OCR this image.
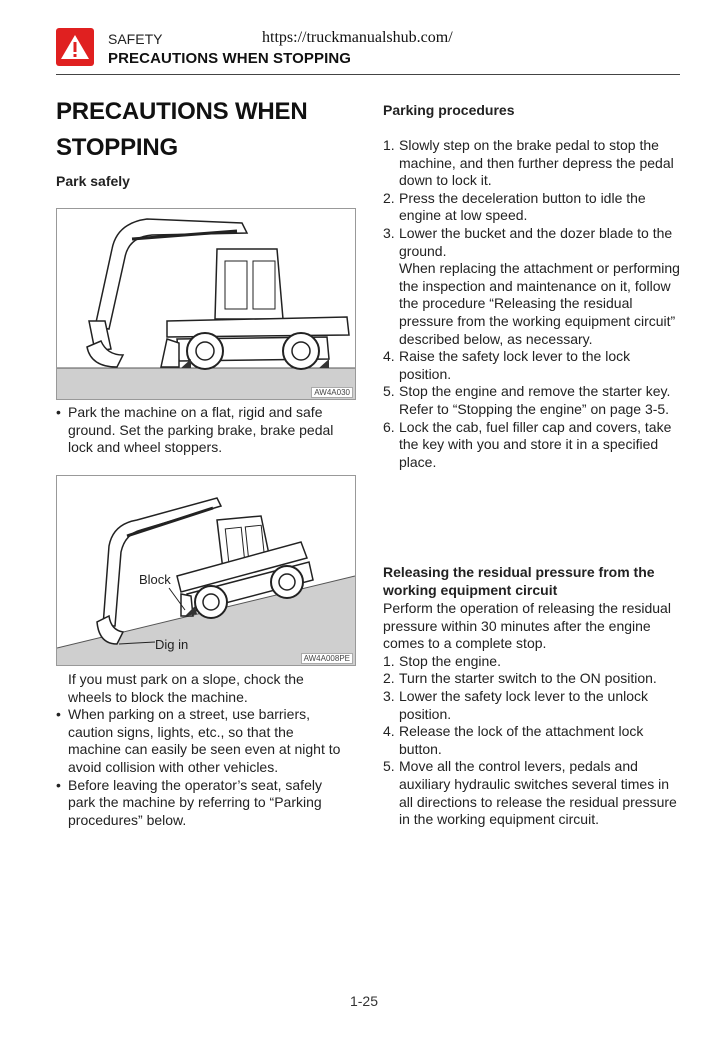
SAFETY	https://truckmanualshub.com/
PRECAUTIONS WHEN STOPPING
PRECAUTIONS WHEN
STOPPING
Park safely
AW4A030
• Park the machine on a flat, rigid and safe ground. Set the parking brake, brake pedal lock and wheel stoppers.
Block
Dig in
AW4A008PE
If you must park on a slope, chock the wheels to block the machine.
• When parking on a street, use barriers, caution signs, lights, etc., so that the machine can easily be seen even at night to avoid collision with other vehicles.
• Before leaving the operator’s seat, safely park the machine by referring to “Parking procedures” below.
Parking procedures
1. Slowly step on the brake pedal to stop the machine, and then further depress the pedal down to lock it.
2. Press the deceleration button to idle the engine at low speed.
3. Lower the bucket and the dozer blade to the ground.
When replacing the attachment or performing the inspection and maintenance on it, follow the procedure “Releasing the residual pressure from the working equipment circuit” described below, as necessary.
4. Raise the safety lock lever to the lock position.
5. Stop the engine and remove the starter key.
Refer to “Stopping the engine” on page 3-5.
6. Lock the cab, fuel filler cap and covers, take the key with you and store it in a specified place.
Releasing the residual pressure from the working equipment circuit
Perform the operation of releasing the residual pressure within 30 minutes after the engine comes to a complete stop.
1. Stop the engine.
2. Turn the starter switch to the ON position.
3. Lower the safety lock lever to the unlock position.
4. Release the lock of the attachment lock button.
5. Move all the control levers, pedals and auxiliary hydraulic switches several times in all directions to release the residual pressure in the working equipment circuit.
1-25
